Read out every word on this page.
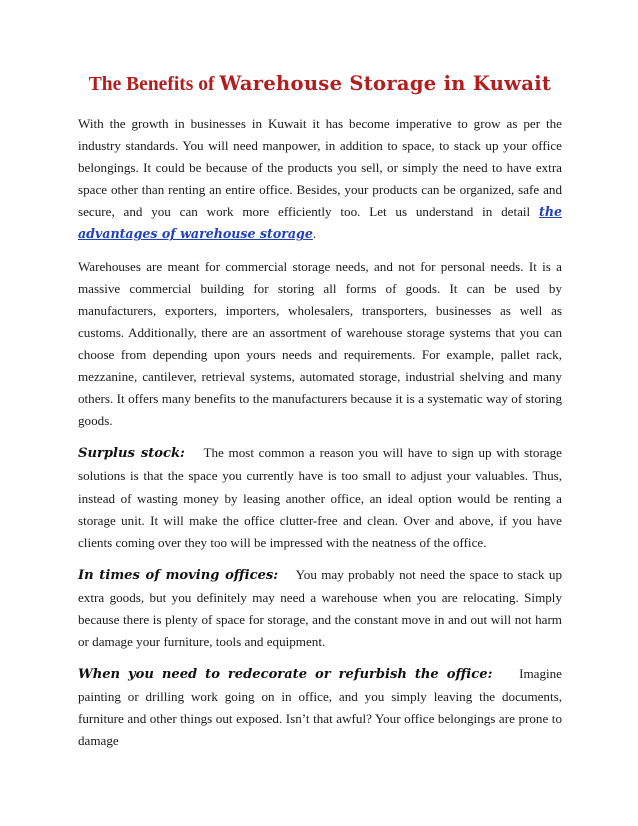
The Benefits of Warehouse Storage in Kuwait

With the growth in businesses in Kuwait it has become imperative to grow as per the industry standards. You will need manpower, in addition to space, to stack up your office belongings. It could be because of the products you sell, or simply the need to have extra space other than renting an entire office. Besides, your products can be organized, safe and secure, and you can work more efficiently too. Let us understand in detail the advantages of warehouse storage.

Warehouses are meant for commercial storage needs, and not for personal needs. It is a massive commercial building for storing all forms of goods. It can be used by manufacturers, exporters, importers, wholesalers, transporters, businesses as well as customs. Additionally, there are an assortment of warehouse storage systems that you can choose from depending upon yours needs and requirements. For example, pallet rack, mezzanine, cantilever, retrieval systems, automated storage, industrial shelving and many others. It offers many benefits to the manufacturers because it is a systematic way of storing goods.

Surplus stock: The most common a reason you will have to sign up with storage solutions is that the space you currently have is too small to adjust your valuables. Thus, instead of wasting money by leasing another office, an ideal option would be renting a storage unit. It will make the office clutter-free and clean. Over and above, if you have clients coming over they too will be impressed with the neatness of the office.

In times of moving offices: You may probably not need the space to stack up extra goods, but you definitely may need a warehouse when you are relocating. Simply because there is plenty of space for storage, and the constant move in and out will not harm or damage your furniture, tools and equipment.

When you need to redecorate or refurbish the office: Imagine painting or drilling work going on in office, and you simply leaving the documents, furniture and other things out exposed. Isn’t that awful? Your office belongings are prone to damage
